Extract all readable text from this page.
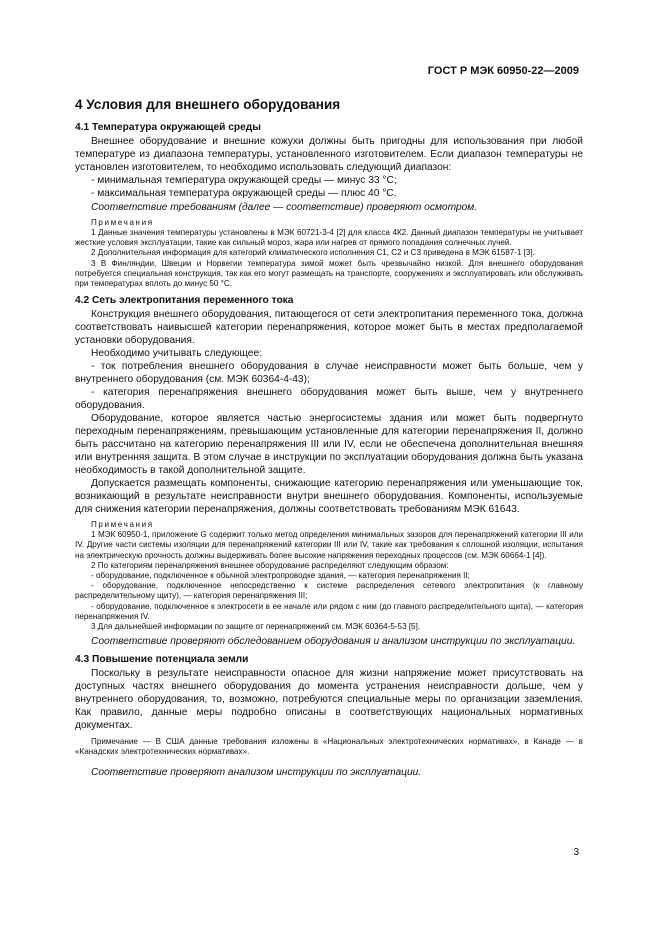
ГОСТ Р МЭК 60950-22—2009
4 Условия для внешнего оборудования
4.1 Температура окружающей среды

Внешнее оборудование и внешние кожухи должны быть пригодны для использования при любой температуре из диапазона температуры, установленного изготовителем. Если диапазон температуры не установлен изготовителем, то необходимо использовать следующий диапазон:

- минимальная температура окружающей среды — минус 33 °С;

- максимальная температура окружающей среды — плюс 40 °С.

Соответствие требованиям (далее — соответствие) проверяют осмотром.

Примечания

1 Данные значения температуры установлены в МЭК 60721-3-4 [2] для класса 4К2. Данный диапазон температуры не учитывает жесткие условия эксплуатации, такие как сильный мороз, жара или нагрев от прямого попадания солнечных лучей.

2 Дополнительная информация для категорий климатического исполнения С1, С2 и С3 приведена в МЭК 61587-1 [3].

3 В Финляндии, Швеции и Норвегии температура зимой может быть чрезвычайно низкой. Для внешнего оборудования потребуется специальная конструкция, так как его могут размещать на транспорте, сооружениях и эксплуатировать или обслуживать при температурах вплоть до минус 50 °С.

4.2 Сеть электропитания переменного тока

Конструкция внешнего оборудования, питающегося от сети электропитания переменного тока, должна соответствовать наивысшей категории перенапряжения, которое может быть в местах предполагаемой установки оборудования.

Необходимо учитывать следующее:

- ток потребления внешнего оборудования в случае неисправности может быть больше, чем у внутреннего оборудования (см. МЭК 60364-4-43);

- категория перенапряжения внешнего оборудования может быть выше, чем у внутреннего оборудования.

Оборудование, которое является частью энергосистемы здания или может быть подвергнуто переходным перенапряжениям, превышающим установленные для категории перенапряжения II, должно быть рассчитано на категорию перенапряжения III или IV, если не обеспечена дополнительная внешняя или внутренняя защита. В этом случае в инструкции по эксплуатации оборудования должна быть указана необходимость в такой дополнительной защите.

Допускается размещать компоненты, снижающие категорию перенапряжения или уменьшающие ток, возникающий в результате неисправности внутри внешнего оборудования. Компоненты, используемые для снижения категории перенапряжения, должны соответствовать требованиям МЭК 61643.

Примечания

1 МЭК 60950-1, приложение G содержит только метод определения минимальных зазоров для перенапряжений категории III или IV. Другие части системы изоляции для перенапряжений категории III или IV, такие как требования к сплошной изоляции, испытания на электрическую прочность должны выдерживать более высокие напряжения переходных процессов (см. МЭК 60664-1 [4]).

2 По категориям перенапряжения внешнее оборудование распределяют следующим образом:

- оборудование, подключенное к обычной электропроводке здания, — категория перенапряжения II;

- оборудование, подключенное непосредственно к системе распределения сетевого электропитания (к главному распределительному щиту), — категория перенапряжения III;

- оборудование, подключенное к электросети в ее начале или рядом с ним (до главного распределительного щита), — категория перенапряжения IV.

3 Для дальнейшей информации по защите от перенапряжений см. МЭК 60364-5-53 [5].

Соответствие проверяют обследованием оборудования и анализом инструкции по эксплуатации.

4.3 Повышение потенциала земли

Поскольку в результате неисправности опасное для жизни напряжение может присутствовать на доступных частях внешнего оборудования до момента устранения неисправности дольше, чем у внутреннего оборудования, то, возможно, потребуются специальные меры по организации заземления. Как правило, данные меры подробно описаны в соответствующих национальных нормативных документах.

Примечание — В США данные требования изложены в «Национальных электротехнических нормативах», в Канаде — в «Канадских электротехнических нормативах».

Соответствие проверяют анализом инструкции по эксплуатации.

3
